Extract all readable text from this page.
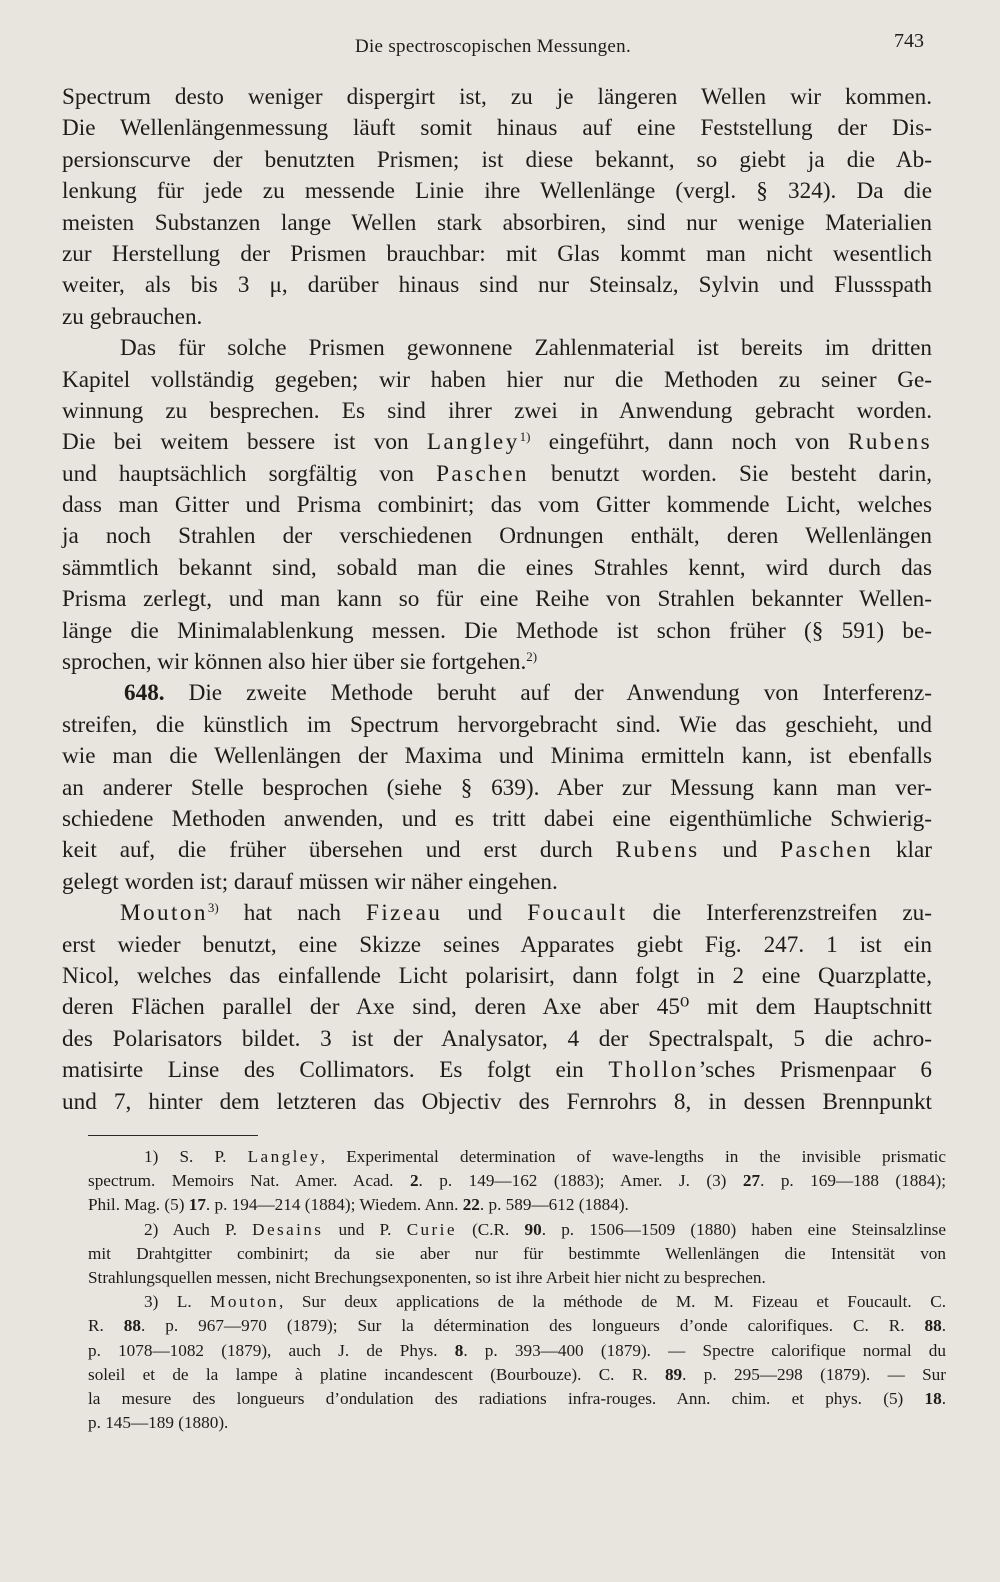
Die spectroscopischen Messungen.	743
Spectrum desto weniger dispergirt ist, zu je längeren Wellen wir kommen.
Die Wellenlängenmessung läuft somit hinaus auf eine Feststellung der Dis-
persionscurve der benutzten Prismen; ist diese bekannt, so giebt ja die Ab-
lenkung für jede zu messende Linie ihre Wellenlänge (vergl. § 324). Da die
meisten Substanzen lange Wellen stark absorbiren, sind nur wenige Materialien
zur Herstellung der Prismen brauchbar: mit Glas kommt man nicht wesentlich
weiter, als bis 3 μ, darüber hinaus sind nur Steinsalz, Sylvin und Flussspath
zu gebrauchen.
Das für solche Prismen gewonnene Zahlenmaterial ist bereits im dritten
Kapitel vollständig gegeben; wir haben hier nur die Methoden zu seiner Ge-
winnung zu besprechen. Es sind ihrer zwei in Anwendung gebracht worden.
Die bei weitem bessere ist von Langley$^{1)}$ eingeführt, dann noch von Rubens
und hauptsächlich sorgfältig von Paschen benutzt worden. Sie besteht darin,
dass man Gitter und Prisma combinirt; das vom Gitter kommende Licht, welches
ja noch Strahlen der verschiedenen Ordnungen enthält, deren Wellenlängen
sämmtlich bekannt sind, sobald man die eines Strahles kennt, wird durch das
Prisma zerlegt, und man kann so für eine Reihe von Strahlen bekannter Wellen-
länge die Minimalablenkung messen. Die Methode ist schon früher (§ 591) be-
sprochen, wir können also hier über sie fortgehen.$^{2)}$
648. Die zweite Methode beruht auf der Anwendung von Interferenz-
streifen, die künstlich im Spectrum hervorgebracht sind. Wie das geschieht, und
wie man die Wellenlängen der Maxima und Minima ermitteln kann, ist ebenfalls
an anderer Stelle besprochen (siehe § 639). Aber zur Messung kann man ver-
schiedene Methoden anwenden, und es tritt dabei eine eigenthümliche Schwierig-
keit auf, die früher übersehen und erst durch Rubens und Paschen klar
gelegt worden ist; darauf müssen wir näher eingehen.
Mouton$^{3)}$ hat nach Fizeau und Foucault die Interferenzstreifen zu-
erst wieder benutzt, eine Skizze seines Apparates giebt Fig. 247. 1 ist ein
Nicol, welches das einfallende Licht polarisirt, dann folgt in 2 eine Quarzplatte,
deren Flächen parallel der Axe sind, deren Axe aber 45⁰ mit dem Hauptschnitt
des Polarisators bildet. 3 ist der Analysator, 4 der Spectralspalt, 5 die achro-
matisirte Linse des Collimators. Es folgt ein Thollon’sches Prismenpaar 6
und 7, hinter dem letzteren das Objectiv des Fernrohrs 8, in dessen Brennpunkt
1) S. P. Langley, Experimental determination of wave-lengths in the invisible prismatic
spectrum. Memoirs Nat. Amer. Acad. 2. p. 149—162 (1883); Amer. J. (3) 27. p. 169—188 (1884);
Phil. Mag. (5) 17. p. 194—214 (1884); Wiedem. Ann. 22. p. 589—612 (1884).
2) Auch P. Desains und P. Curie (C.R. 90. p. 1506—1509 (1880) haben eine Steinsalzlinse
mit Drahtgitter combinirt; da sie aber nur für bestimmte Wellenlängen die Intensität von
Strahlungsquellen messen, nicht Brechungsexponenten, so ist ihre Arbeit hier nicht zu besprechen.
3) L. Mouton, Sur deux applications de la méthode de M. M. Fizeau et Foucault. C.
R. 88. p. 967—970 (1879); Sur la détermination des longueurs d’onde calorifiques. C. R. 88.
p. 1078—1082 (1879), auch J. de Phys. 8. p. 393—400 (1879). — Spectre calorifique normal du
soleil et de la lampe à platine incandescent (Bourbouze). C. R. 89. p. 295—298 (1879). — Sur
la mesure des longueurs d’ondulation des radiations infra-rouges. Ann. chim. et phys. (5) 18.
p. 145—189 (1880).
